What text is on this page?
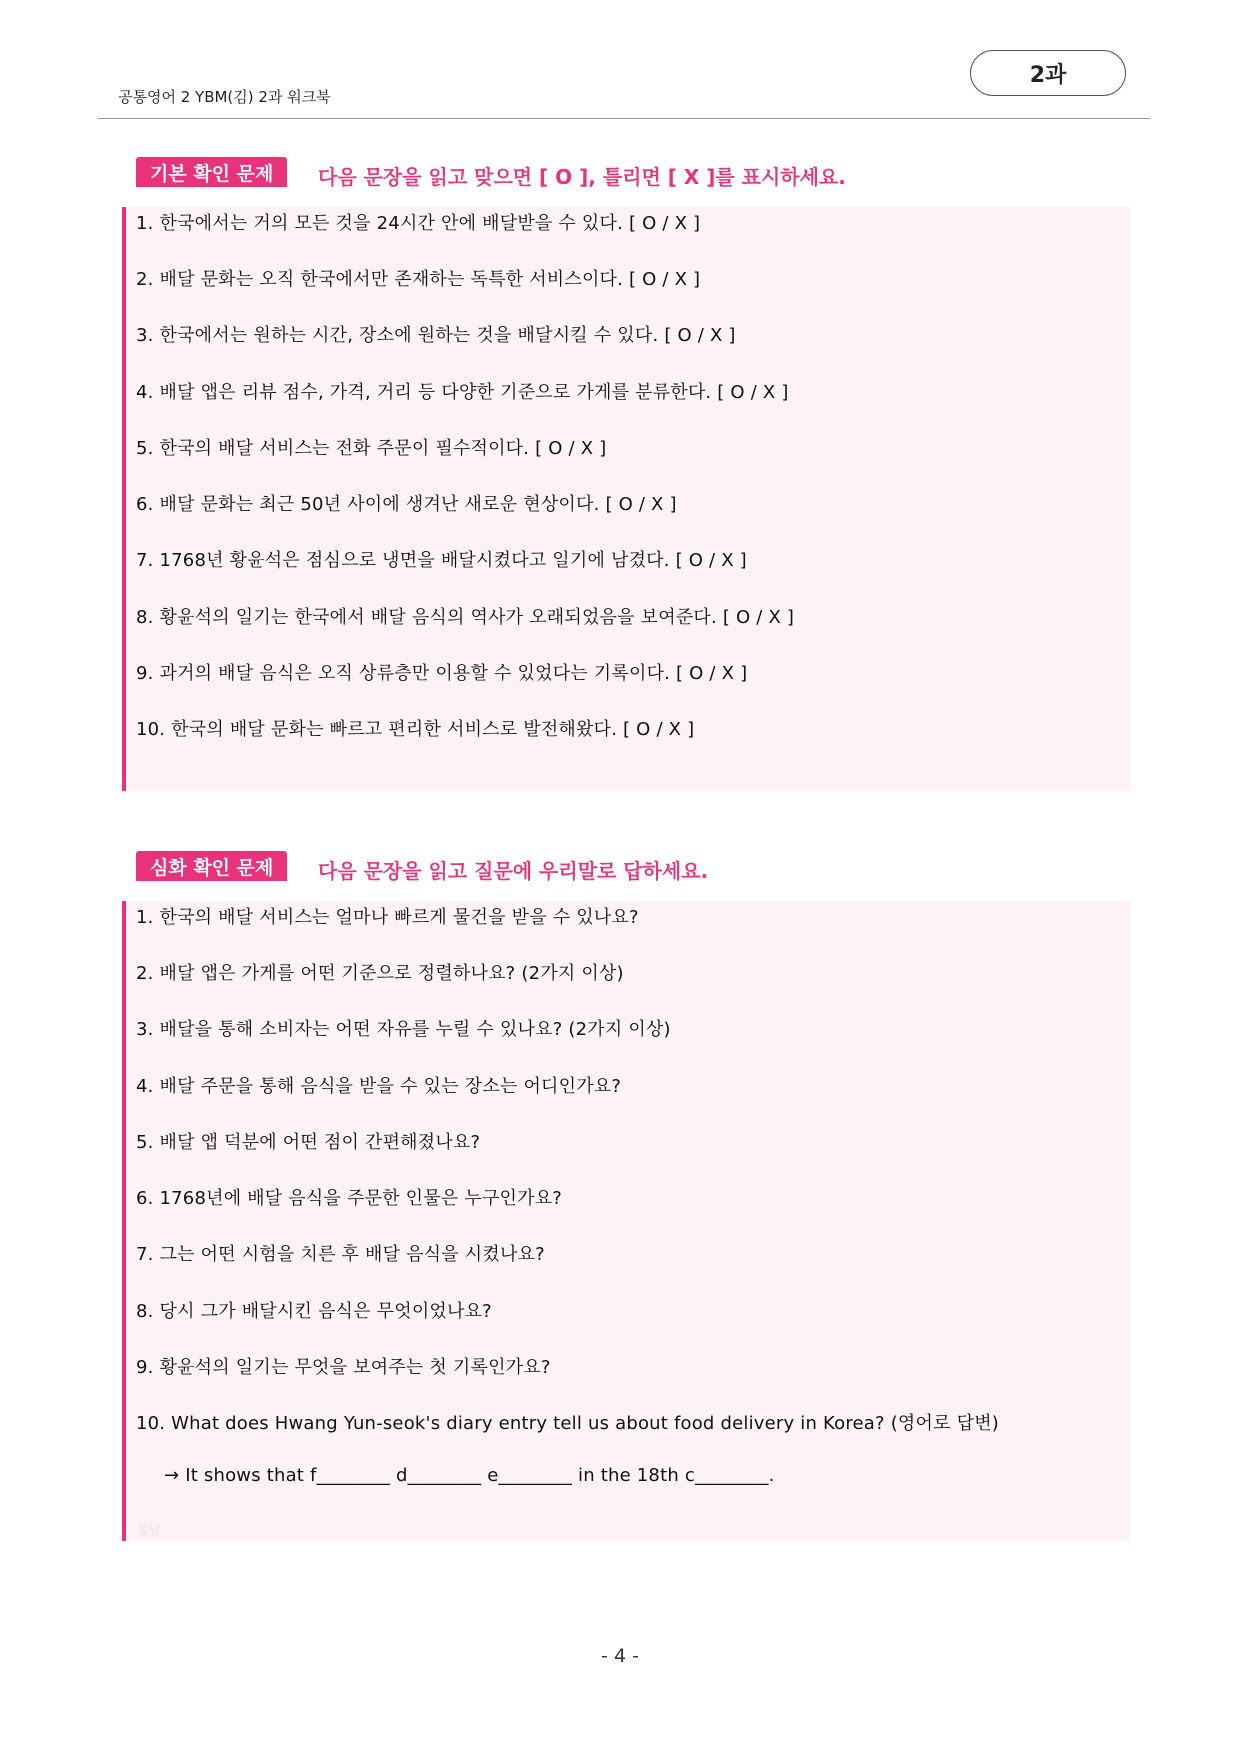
공통영어 2 YBM(김) 2과 워크북
2과
기본 확인 문제	다음 문장을 읽고 맞으면 [ O ], 틀리면 [ X ]를 표시하세요.
1. 한국에서는 거의 모든 것을 24시간 안에 배달받을 수 있다. [ O / X ]
2. 배달 문화는 오직 한국에서만 존재하는 독특한 서비스이다. [ O / X ]
3. 한국에서는 원하는 시간, 장소에 원하는 것을 배달시킬 수 있다. [ O / X ]
4. 배달 앱은 리뷰 점수, 가격, 거리 등 다양한 기준으로 가게를 분류한다. [ O / X ]
5. 한국의 배달 서비스는 전화 주문이 필수적이다. [ O / X ]
6. 배달 문화는 최근 50년 사이에 생겨난 새로운 현상이다. [ O / X ]
7. 1768년 황윤석은 점심으로 냉면을 배달시켰다고 일기에 남겼다. [ O / X ]
8. 황윤석의 일기는 한국에서 배달 음식의 역사가 오래되었음을 보여준다. [ O / X ]
9. 과거의 배달 음식은 오직 상류층만 이용할 수 있었다는 기록이다. [ O / X ]
10. 한국의 배달 문화는 빠르고 편리한 서비스로 발전해왔다. [ O / X ]
심화 확인 문제	다음 문장을 읽고 질문에 우리말로 답하세요.
1. 한국의 배달 서비스는 얼마나 빠르게 물건을 받을 수 있나요?
2. 배달 앱은 가게를 어떤 기준으로 정렬하나요? (2가지 이상)
3. 배달을 통해 소비자는 어떤 자유를 누릴 수 있나요? (2가지 이상)
4. 배달 주문을 통해 음식을 받을 수 있는 장소는 어디인가요?
5. 배달 앱 덕분에 어떤 점이 간편해졌나요?
6. 1768년에 배달 음식을 주문한 인물은 누구인가요?
7. 그는 어떤 시험을 치른 후 배달 음식을 시켰나요?
8. 당시 그가 배달시킨 음식은 무엇이었나요?
9. 황윤석의 일기는 무엇을 보여주는 첫 기록인가요?
10. What does Hwang Yun-seok's diary entry tell us about food delivery in Korea? (영어로 답변)
→ It shows that f________ d________ e________ in the 18th c________.
정답
- 4 -
